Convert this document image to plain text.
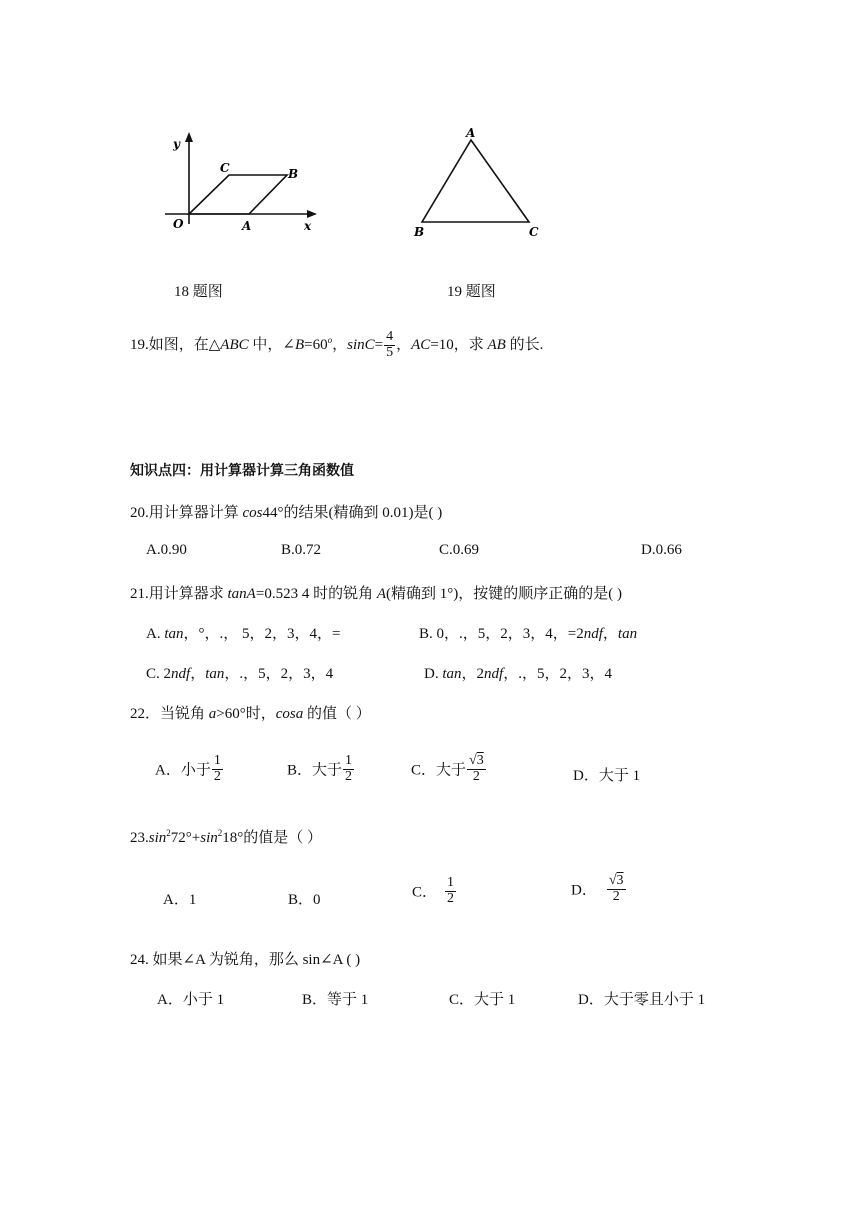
y
C	B
O	A	x
A
B	C
18 题图	19 题图
19.如图，在△ABC 中，$\angle B=60^o$，$\sin C= \frac{4}{5}$ ，AC=10，求 AB 的长.
知识点四：用计算器计算三角函数值
20.用计算器计算 cos44°的结果(精确到 0.01)是( )
A.0.90	B.0.72	C.0.69	D.0.66
21.用计算器求 tanA=0.523 4 时的锐角 A(精确到 1°)，按键的顺序正确的是( )
A. tan，°，.， 5，2，3，4，=	B. 0，.，5，2，3，4，=2ndf，tan
C. 2ndf，tan，.，5，2，3，4	D. tan，2ndf，.，5，2，3，4
22．当锐角 a>60°时，cosa 的值（ ）
A．小于 $\frac{1}{2}$	B．大于 $\frac{1}{2}$	C．大于 $\frac{√3}{2}$	D．大于 1
$23.\sin^272^\circ+\sin^218^\circ$的值是（ ）
A．1	B．0	C． $\frac{1}{2}$	D． $\frac{√3}{2}$
24. 如果∠A 为锐角，那么 sin∠A ( )
A．小于 1	B．等于 1	C．大于 1	D．大于零且小于 1
